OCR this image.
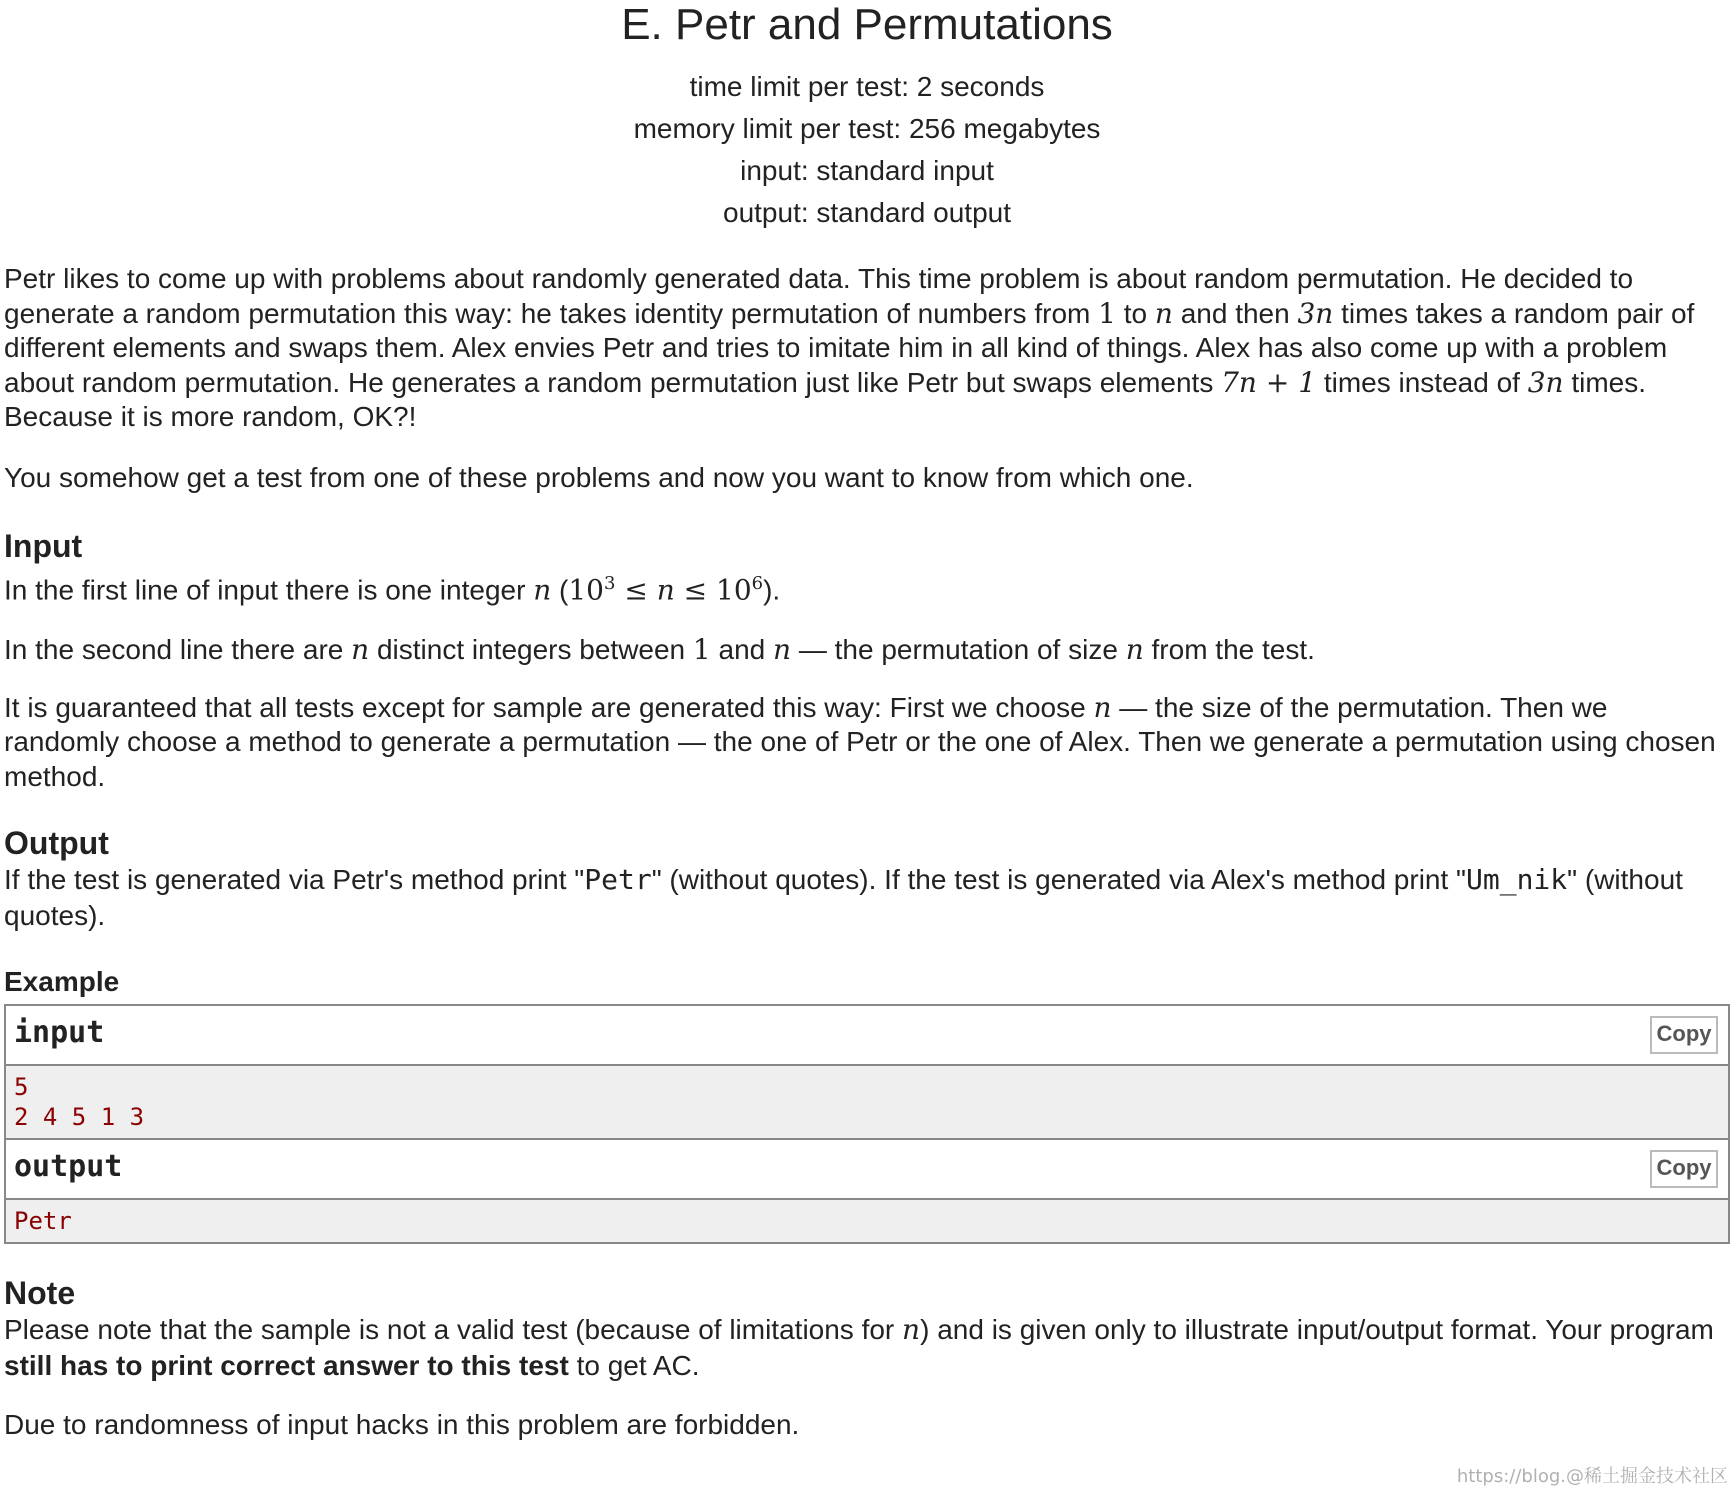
E. Petr and Permutations
time limit per test: 2 seconds
memory limit per test: 256 megabytes
input: standard input
output: standard output

Petr likes to come up with problems about randomly generated data. This time problem is about random permutation. He decided to generate a random permutation this way: he takes identity permutation of numbers from 1 to n and then 3n times takes a random pair of different elements and swaps them. Alex envies Petr and tries to imitate him in all kind of things. Alex has also come up with a problem about random permutation. He generates a random permutation just like Petr but swaps elements 7n + 1 times instead of 3n times. Because it is more random, OK?!

You somehow get a test from one of these problems and now you want to know from which one.

Input

In the first line of input there is one integer n $(10^3 \le n \le 10^6)$.

In the second line there are n distinct integers between 1 and n — the permutation of size n from the test.

It is guaranteed that all tests except for sample are generated this way: First we choose n — the size of the permutation. Then we randomly choose a method to generate a permutation — the one of Petr or the one of Alex. Then we generate a permutation using chosen method.

Output

If the test is generated via Petr's method print "Petr" (without quotes). If the test is generated via Alex's method print "Um_nik" (without quotes).

Example
input	Copy
5
2 4 5 1 3
output	Copy
Petr
Note

Please note that the sample is not a valid test (because of limitations for n) and is given only to illustrate input/output format. Your program still has to print correct answer to this test to get AC.

Due to randomness of input hacks in this problem are forbidden.

https://blog.@稀土掘金技术社区
